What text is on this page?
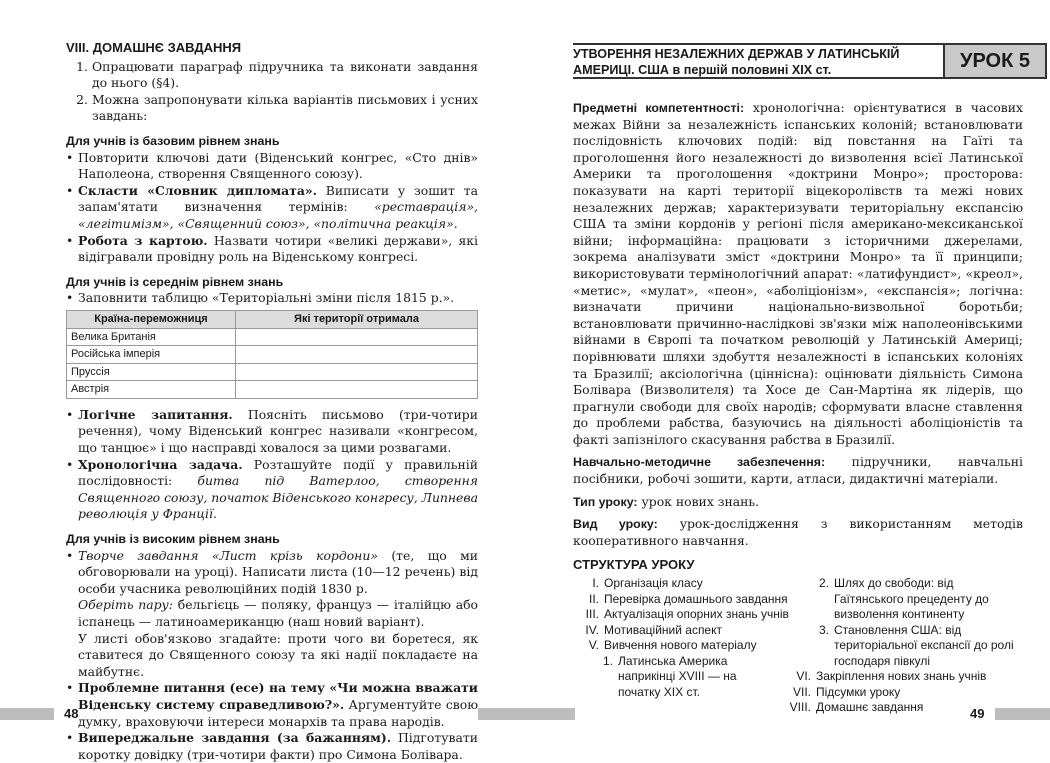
VIII. ДОМАШНЄ ЗАВДАННЯ
1. Опрацювати параграф підручника та виконати завдання до нього (§4).
2. Можна запропонувати кілька варіантів письмових і усних завдань:
Для учнів із базовим рівнем знань
• Повторити ключові дати (Віденський конгрес, «Сто днів» Наполеона, створення Священного союзу).
• Скласти «Словник дипломата». Виписати у зошит та запам'ятати визначення термінів: «реставрація», «легітимізм», «Священний союз», «політична реакція».
• Робота з картою. Назвати чотири «великі держави», які відігравали провідну роль на Віденському конгресі.
Для учнів із середнім рівнем знань
• Заповнити таблицю «Територіальні зміни після 1815 р.».
Країна-переможниця	Які території отримала
Велика Британія	
Російська імперія	
Пруссія	
Австрія	
• Логічне запитання. Поясніть письмово (три-чотири речення), чому Віденський конгрес називали «конгресом, що танцює» і що насправді ховалося за цими розвагами.
• Хронологічна задача. Розташуйте події у правильній послідовності: битва під Ватерлоо, створення Священного союзу, початок Віденського конгресу, Липнева революція у Франції.
Для учнів із високим рівнем знань
• Творче завдання «Лист крізь кордони» (те, що ми обговорювали на уроці). Написати листа (10—12 речень) від особи учасника революційних подій 1830 р.
Оберіть пару: бельгієць — поляку, француз — італійцю або іспанець — латиноамериканцю (наш новий варіант).
У листі обов'язково згадайте: проти чого ви боретеся, як ставитеся до Священного союзу та які надії покладаєте на майбутнє.
• Проблемне питання (есе) на тему «Чи можна вважати Віденську систему справедливою?». Аргументуйте свою думку, враховуючи інтереси монархів та права народів.
• Випереджальне завдання (за бажанням). Підготувати коротку довідку (три-чотири факти) про Симона Болівара.
48
УТВОРЕННЯ НЕЗАЛЕЖНИХ ДЕРЖАВ У ЛАТИНСЬКІЙ АМЕРИЦІ. США в першій половині XIX ст.	УРОК 5

Предметні компетентності: хронологічна: орієнтуватися в часових межах Війни за незалежність іспанських колоній; встановлювати послідовність ключових подій: від повстання на Гаїті та проголошення його незалежності до визволення всієї Латинської Америки та проголошення «доктрини Монро»; просторова: показувати на карті території віцекоролівств та межі нових незалежних держав; характеризувати територіальну експансію США та зміни кордонів у регіоні після американо-мексиканської війни; інформаційна: працювати з історичними джерелами, зокрема аналізувати зміст «доктрини Монро» та її принципи; використовувати термінологічний апарат: «латифундист», «креол», «метис», «мулат», «пеон», «аболіціонізм», «експансія»; логічна: визначати причини національно-визвольної боротьби; встановлювати причинно-наслідкові зв'язки між наполеонівськими війнами в Європі та початком революцій у Латинській Америці; порівнювати шляхи здобуття незалежності в іспанських колоніях та Бразилії; аксіологічна (ціннісна): оцінювати діяльність Симона Болівара (Визволителя) та Хосе де Сан-Мартіна як лідерів, що прагнули свободи для своїх народів; сформувати власне ставлення до проблеми рабства, базуючись на діяльності аболіціоністів та факті запізнілого скасування рабства в Бразилії.

Навчально-методичне забезпечення: підручники, навчальні посібники, робочі зошити, карти, атласи, дидактичні матеріали.

Тип уроку: урок нових знань.

Вид уроку: урок-дослідження з використанням методів кооперативного навчання.

СТРУКТУРА УРОКУ
I. Організація класу
II. Перевірка домашнього завдання
III. Актуалізація опорних знань учнів
IV. Мотиваційний аспект
V. Вивчення нового матеріалу
1. Латинська Америка наприкінці XVIII — на початку XIX ст.
2. Шлях до свободи: від Гаїтянського прецеденту до визволення континенту
3. Становлення США: від територіальної експансії до ролі господаря півкулі
VI. Закріплення нових знань учнів
VII. Підсумки уроку
VIII. Домашнє завдання	49
